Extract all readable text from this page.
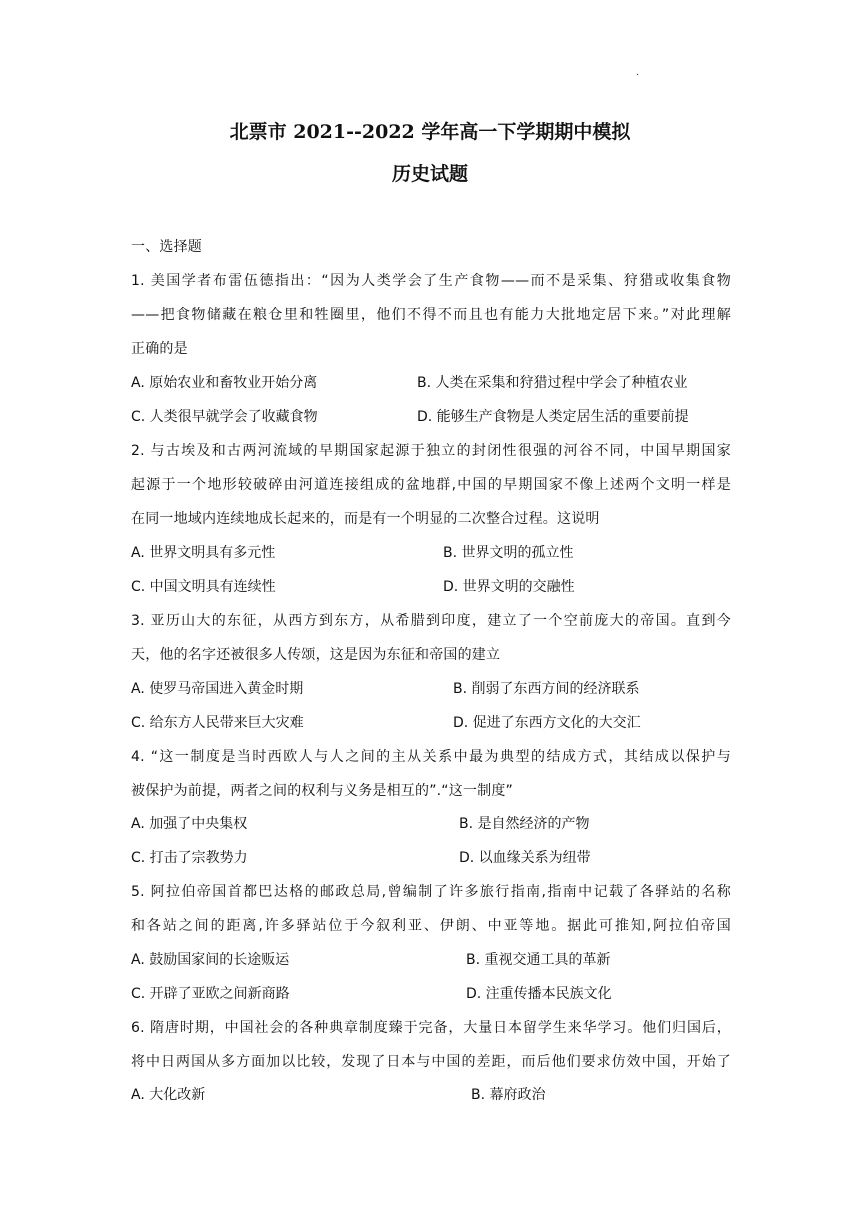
·
北票市 2021--2022 学年高一下学期期中模拟
历史试题
一、选择题
1. 美国学者布雷伍德指出：“因为人类学会了生产食物——而不是采集、狩猎或收集食物
——把食物储藏在粮仓里和牲圈里，他们不得不而且也有能力大批地定居下来。”对此理解
正确的是
A. 原始农业和畜牧业开始分离	B. 人类在采集和狩猎过程中学会了种植农业
C. 人类很早就学会了收藏食物	D. 能够生产食物是人类定居生活的重要前提
2. 与古埃及和古两河流域的早期国家起源于独立的封闭性很强的河谷不同，中国早期国家
起源于一个地形较破碎由河道连接组成的盆地群,中国的早期国家不像上述两个文明一样是
在同一地域内连续地成长起来的，而是有一个明显的二次整合过程。这说明
A. 世界文明具有多元性	B. 世界文明的孤立性
C. 中国文明具有连续性	D. 世界文明的交融性
3. 亚历山大的东征，从西方到东方，从希腊到印度，建立了一个空前庞大的帝国。直到今
天，他的名字还被很多人传颂，这是因为东征和帝国的建立
A. 使罗马帝国进入黄金时期	B. 削弱了东西方间的经济联系
C. 给东方人民带来巨大灾难	D. 促进了东西方文化的大交汇
4. “这一制度是当时西欧人与人之间的主从关系中最为典型的结成方式，其结成以保护与
被保护为前提，两者之间的权利与义务是相互的”.“这一制度”
A. 加强了中央集权	B. 是自然经济的产物
C. 打击了宗教势力	D. 以血缘关系为纽带
5. 阿拉伯帝国首都巴达格的邮政总局,曾编制了许多旅行指南,指南中记载了各驿站的名称
和各站之间的距离,许多驿站位于今叙利亚、伊朗、中亚等地。据此可推知,阿拉伯帝国
A. 鼓励国家间的长途贩运	B. 重视交通工具的革新
C. 开辟了亚欧之间新商路	D. 注重传播本民族文化
6. 隋唐时期，中国社会的各种典章制度臻于完备，大量日本留学生来华学习。他们归国后，
将中日两国从多方面加以比较，发现了日本与中国的差距，而后他们要求仿效中国，开始了
A. 大化改新	B. 幕府政治
